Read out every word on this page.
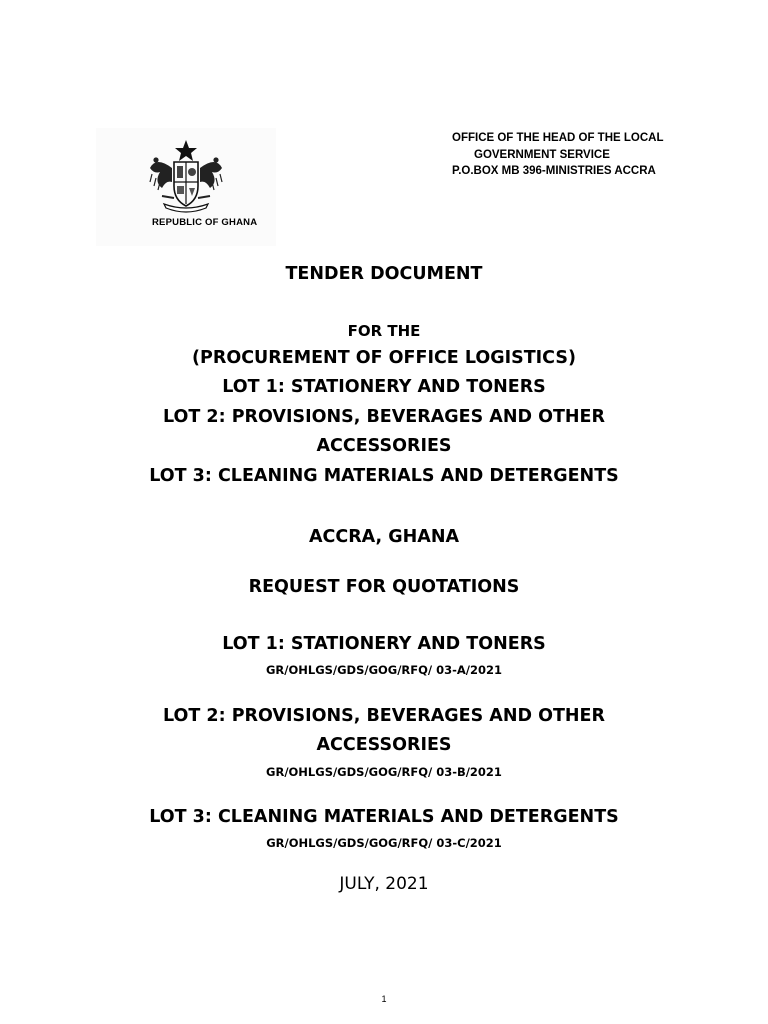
REPUBLIC OF GHANA
OFFICE OF THE HEAD OF THE LOCAL
GOVERNMENT SERVICE
P.O.BOX MB 396-MINISTRIES ACCRA
TENDER DOCUMENT
FOR THE
(PROCUREMENT OF OFFICE LOGISTICS)
LOT 1: STATIONERY AND TONERS
LOT 2: PROVISIONS, BEVERAGES AND OTHER
ACCESSORIES
LOT 3: CLEANING MATERIALS AND DETERGENTS
ACCRA, GHANA
REQUEST FOR QUOTATIONS
LOT 1: STATIONERY AND TONERS
GR/OHLGS/GDS/GOG/RFQ/ 03-A/2021
LOT 2: PROVISIONS, BEVERAGES AND OTHER
ACCESSORIES
GR/OHLGS/GDS/GOG/RFQ/ 03-B/2021
LOT 3: CLEANING MATERIALS AND DETERGENTS
GR/OHLGS/GDS/GOG/RFQ/ 03-C/2021
JULY, 2021
1
